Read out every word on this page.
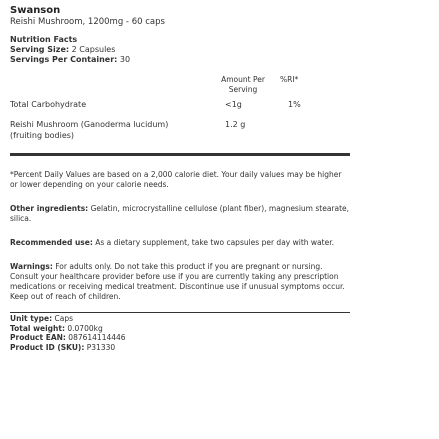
Swanson
Reishi Mushroom, 1200mg - 60 caps
Nutrition Facts
Serving Size: 2 Capsules
Servings Per Container: 30
Amount Per Serving
%RI*
Total Carbohydrate	<1g	1%
Reishi Mushroom (Ganoderma lucidum) (fruiting bodies)
1.2 g
*Percent Daily Values are based on a 2,000 calorie diet. Your daily values may be higher or lower depending on your calorie needs.
Other ingredients: Gelatin, microcrystalline cellulose (plant fiber), magnesium stearate, silica.
Recommended use: As a dietary supplement, take two capsules per day with water.
Warnings: For adults only. Do not take this product if you are pregnant or nursing. Consult your healthcare provider before use if you are currently taking any prescription medications or receiving medical treatment. Discontinue use if unusual symptoms occur. Keep out of reach of children.
Unit type: Caps
Total weight: 0.0700kg
Product EAN: 087614114446
Product ID (SKU): P31330
